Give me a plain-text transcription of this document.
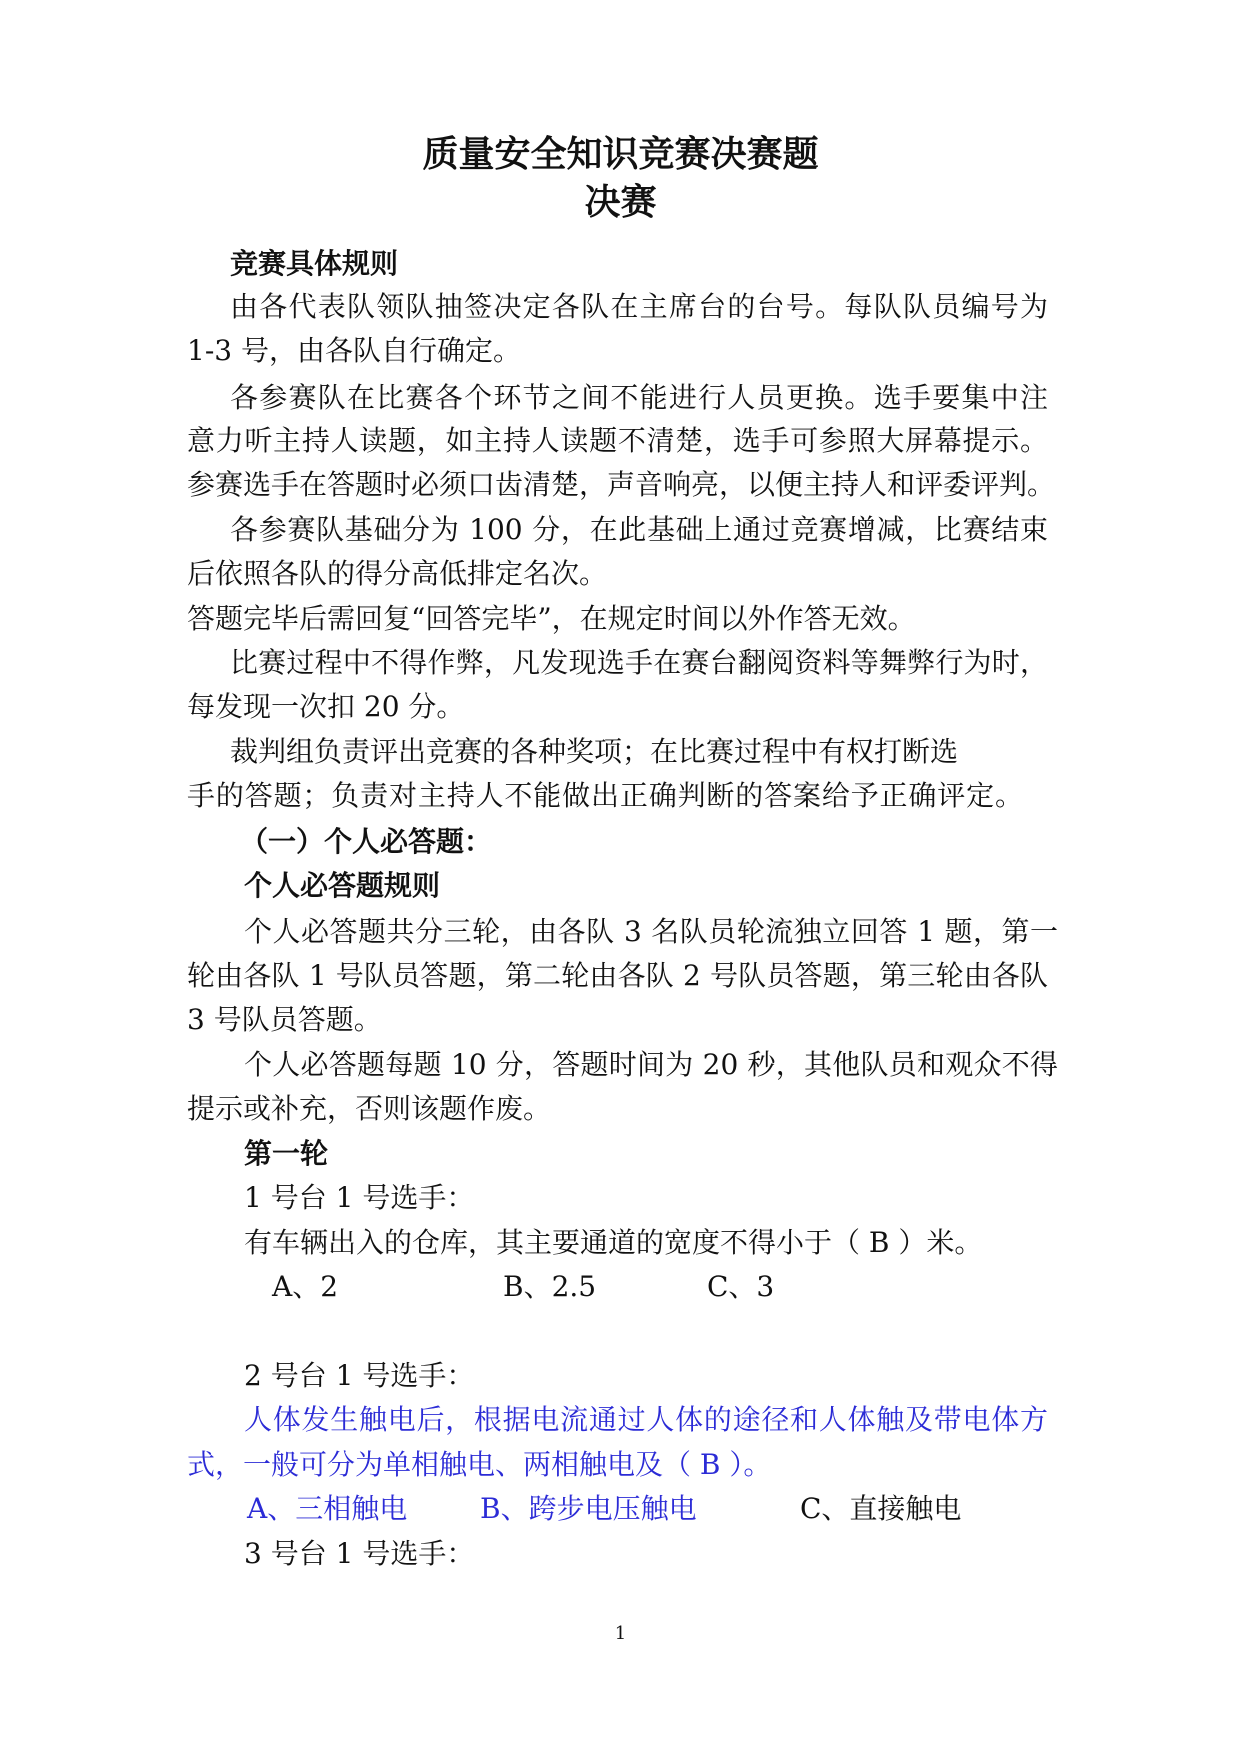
质量安全知识竞赛决赛题
决赛
竞赛具体规则
由各代表队领队抽签决定各队在主席台的台号。每队队员编号为
1-3 号，由各队自行确定。
各参赛队在比赛各个环节之间不能进行人员更换。选手要集中注
意力听主持人读题，如主持人读题不清楚，选手可参照大屏幕提示。
参赛选手在答题时必须口齿清楚，声音响亮，以便主持人和评委评判。
各参赛队基础分为 100 分，在此基础上通过竞赛增减，比赛结束
后依照各队的得分高低排定名次。
答题完毕后需回复“回答完毕”，在规定时间以外作答无效。
比赛过程中不得作弊，凡发现选手在赛台翻阅资料等舞弊行为时，
每发现一次扣 20 分。
裁判组负责评出竞赛的各种奖项；在比赛过程中有权打断选
手的答题；负责对主持人不能做出正确判断的答案给予正确评定。
（一）个人必答题：
个人必答题规则
个人必答题共分三轮，由各队 3 名队员轮流独立回答 1 题，第一
轮由各队 1 号队员答题，第二轮由各队 2 号队员答题，第三轮由各队
3 号队员答题。
个人必答题每题 10 分，答题时间为 20 秒，其他队员和观众不得
提示或补充，否则该题作废。
第一轮
1 号台 1 号选手：
有车辆出入的仓库，其主要通道的宽度不得小于（ B ）米。
A、2	B、2.5	C、3
2 号台 1 号选手：
人体发生触电后，根据电流通过人体的途径和人体触及带电体方
式，一般可分为单相触电、两相触电及（ B ）。
A、三相触电	B、跨步电压触电	C、直接触电
3 号台 1 号选手：
1
